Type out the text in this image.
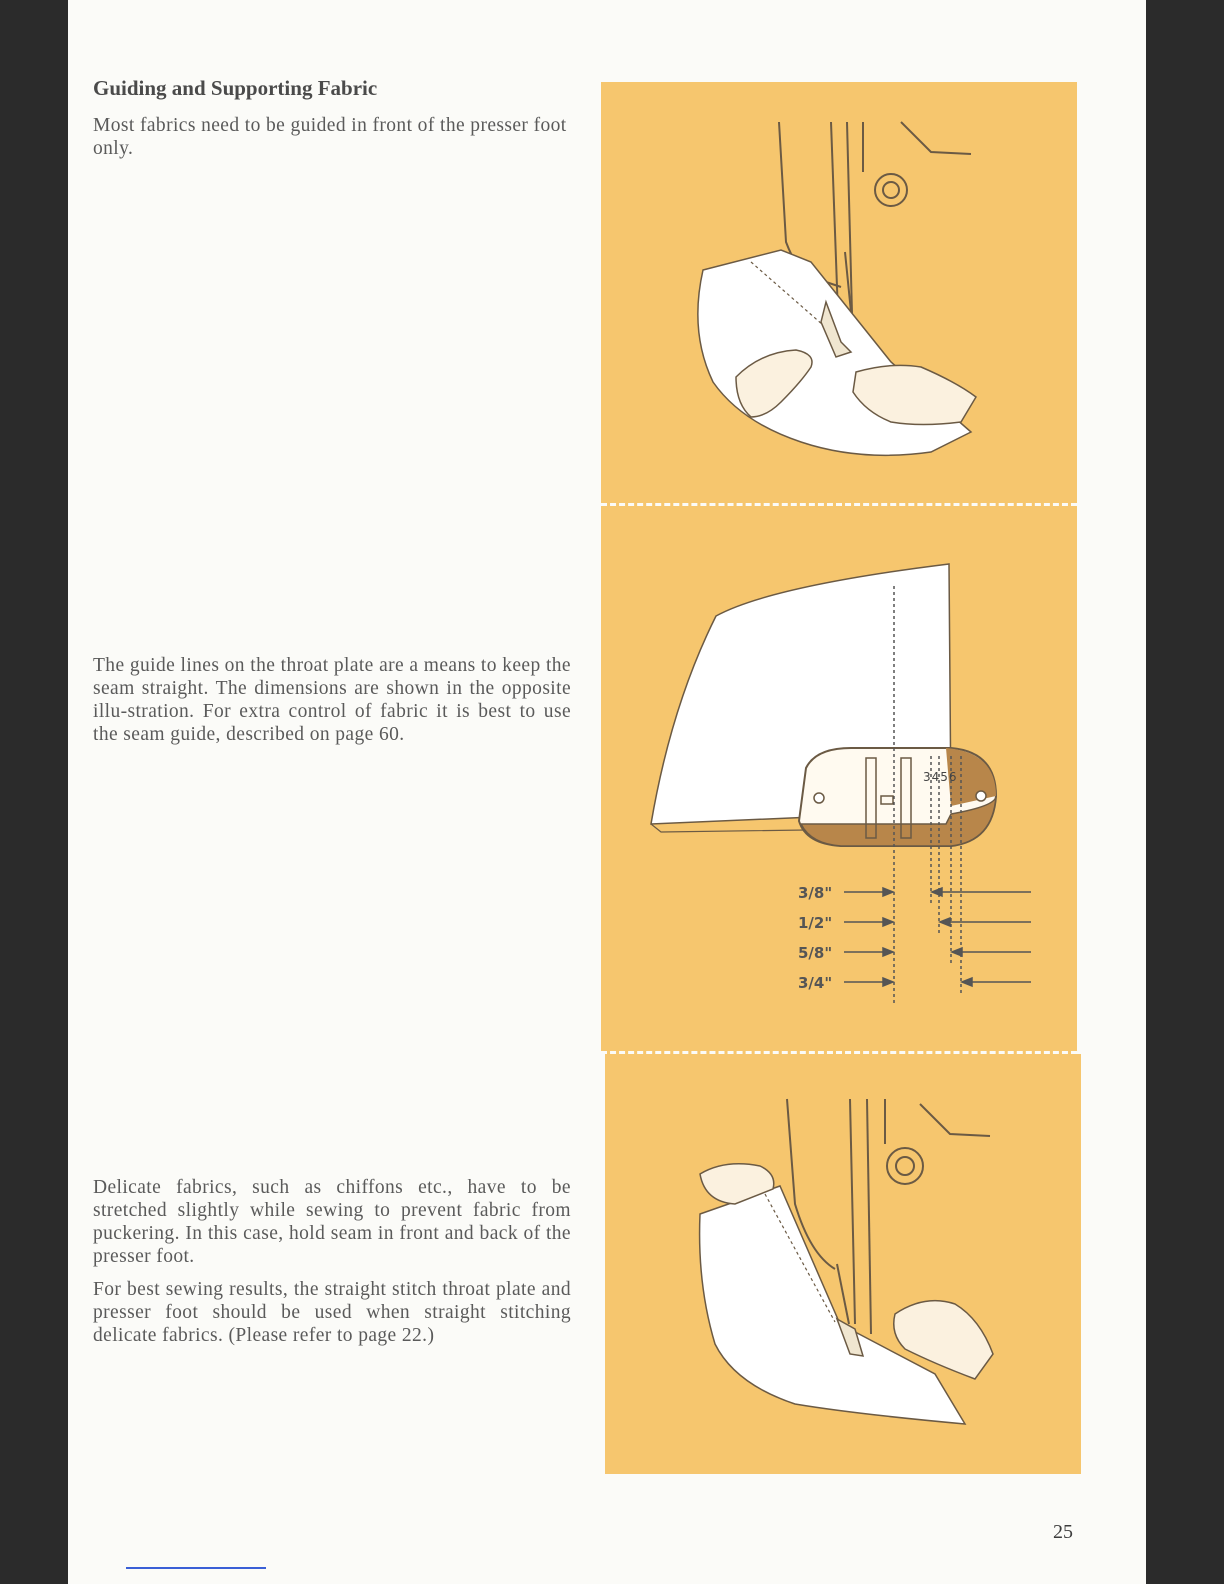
Guiding and Supporting Fabric

Most fabrics need to be guided in front of the presser foot only.

The guide lines on the throat plate are a means to keep the seam straight. The dimensions are shown in the opposite illu-stration. For extra control of fabric it is best to use the seam guide, described on page 60.

Delicate fabrics, such as chiffons etc., have to be stretched slightly while sewing to prevent fabric from puckering. In this case, hold seam in front and back of the presser foot.

For best sewing results, the straight stitch throat plate and presser foot should be used when straight stitching delicate fabrics. (Please refer to page 22.)

3456
3/8"
1/2"
5/8"
3/4"
25
